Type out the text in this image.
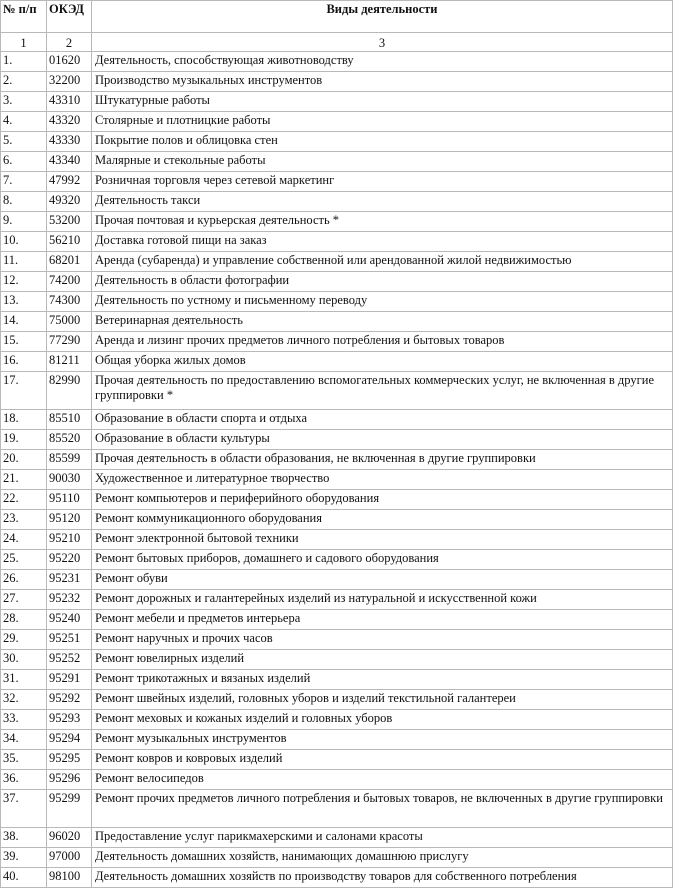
№ п/п	ОКЭД	Виды деятельности
1	2	3
1.	01620	Деятельность, способствующая животноводству
2.	32200	Производство музыкальных инструментов
3.	43310	Штукатурные работы
4.	43320	Столярные и плотницкие работы
5.	43330	Покрытие полов и облицовка стен
6.	43340	Малярные и стекольные работы
7.	47992	Розничная торговля через сетевой маркетинг
8.	49320	Деятельность такси
9.	53200	Прочая почтовая и курьерская деятельность *
10.	56210	Доставка готовой пищи на заказ
11.	68201	Аренда (субаренда) и управление собственной или арендованной жилой недвижимостью
12.	74200	Деятельность в области фотографии
13.	74300	Деятельность по устному и письменному переводу
14.	75000	Ветеринарная деятельность
15.	77290	Аренда и лизинг прочих предметов личного потребления и бытовых товаров
16.	81211	Общая уборка жилых домов
17.	82990	Прочая деятельность по предоставлению вспомогательных коммерческих услуг, не включенная в другие группировки *
18.	85510	Образование в области спорта и отдыха
19.	85520	Образование в области культуры
20.	85599	Прочая деятельность в области образования, не включенная в другие группировки
21.	90030	Художественное и литературное творчество
22.	95110	Ремонт компьютеров и периферийного оборудования
23.	95120	Ремонт коммуникационного оборудования
24.	95210	Ремонт электронной бытовой техники
25.	95220	Ремонт бытовых приборов, домашнего и садового оборудования
26.	95231	Ремонт обуви
27.	95232	Ремонт дорожных и галантерейных изделий из натуральной и искусственной кожи
28.	95240	Ремонт мебели и предметов интерьера
29.	95251	Ремонт наручных и прочих часов
30.	95252	Ремонт ювелирных изделий
31.	95291	Ремонт трикотажных и вязаных изделий
32.	95292	Ремонт швейных изделий, головных уборов и изделий текстильной галантереи
33.	95293	Ремонт меховых и кожаных изделий и головных уборов
34.	95294	Ремонт музыкальных инструментов
35.	95295	Ремонт ковров и ковровых изделий
36.	95296	Ремонт велосипедов
37.	95299	Ремонт прочих предметов личного потребления и бытовых товаров, не включенных в другие группировки
38.	96020	Предоставление услуг парикмахерскими и салонами красоты
39.	97000	Деятельность домашних хозяйств, нанимающих домашнюю прислугу
40.	98100	Деятельность домашних хозяйств по производству товаров для собственного потребления
